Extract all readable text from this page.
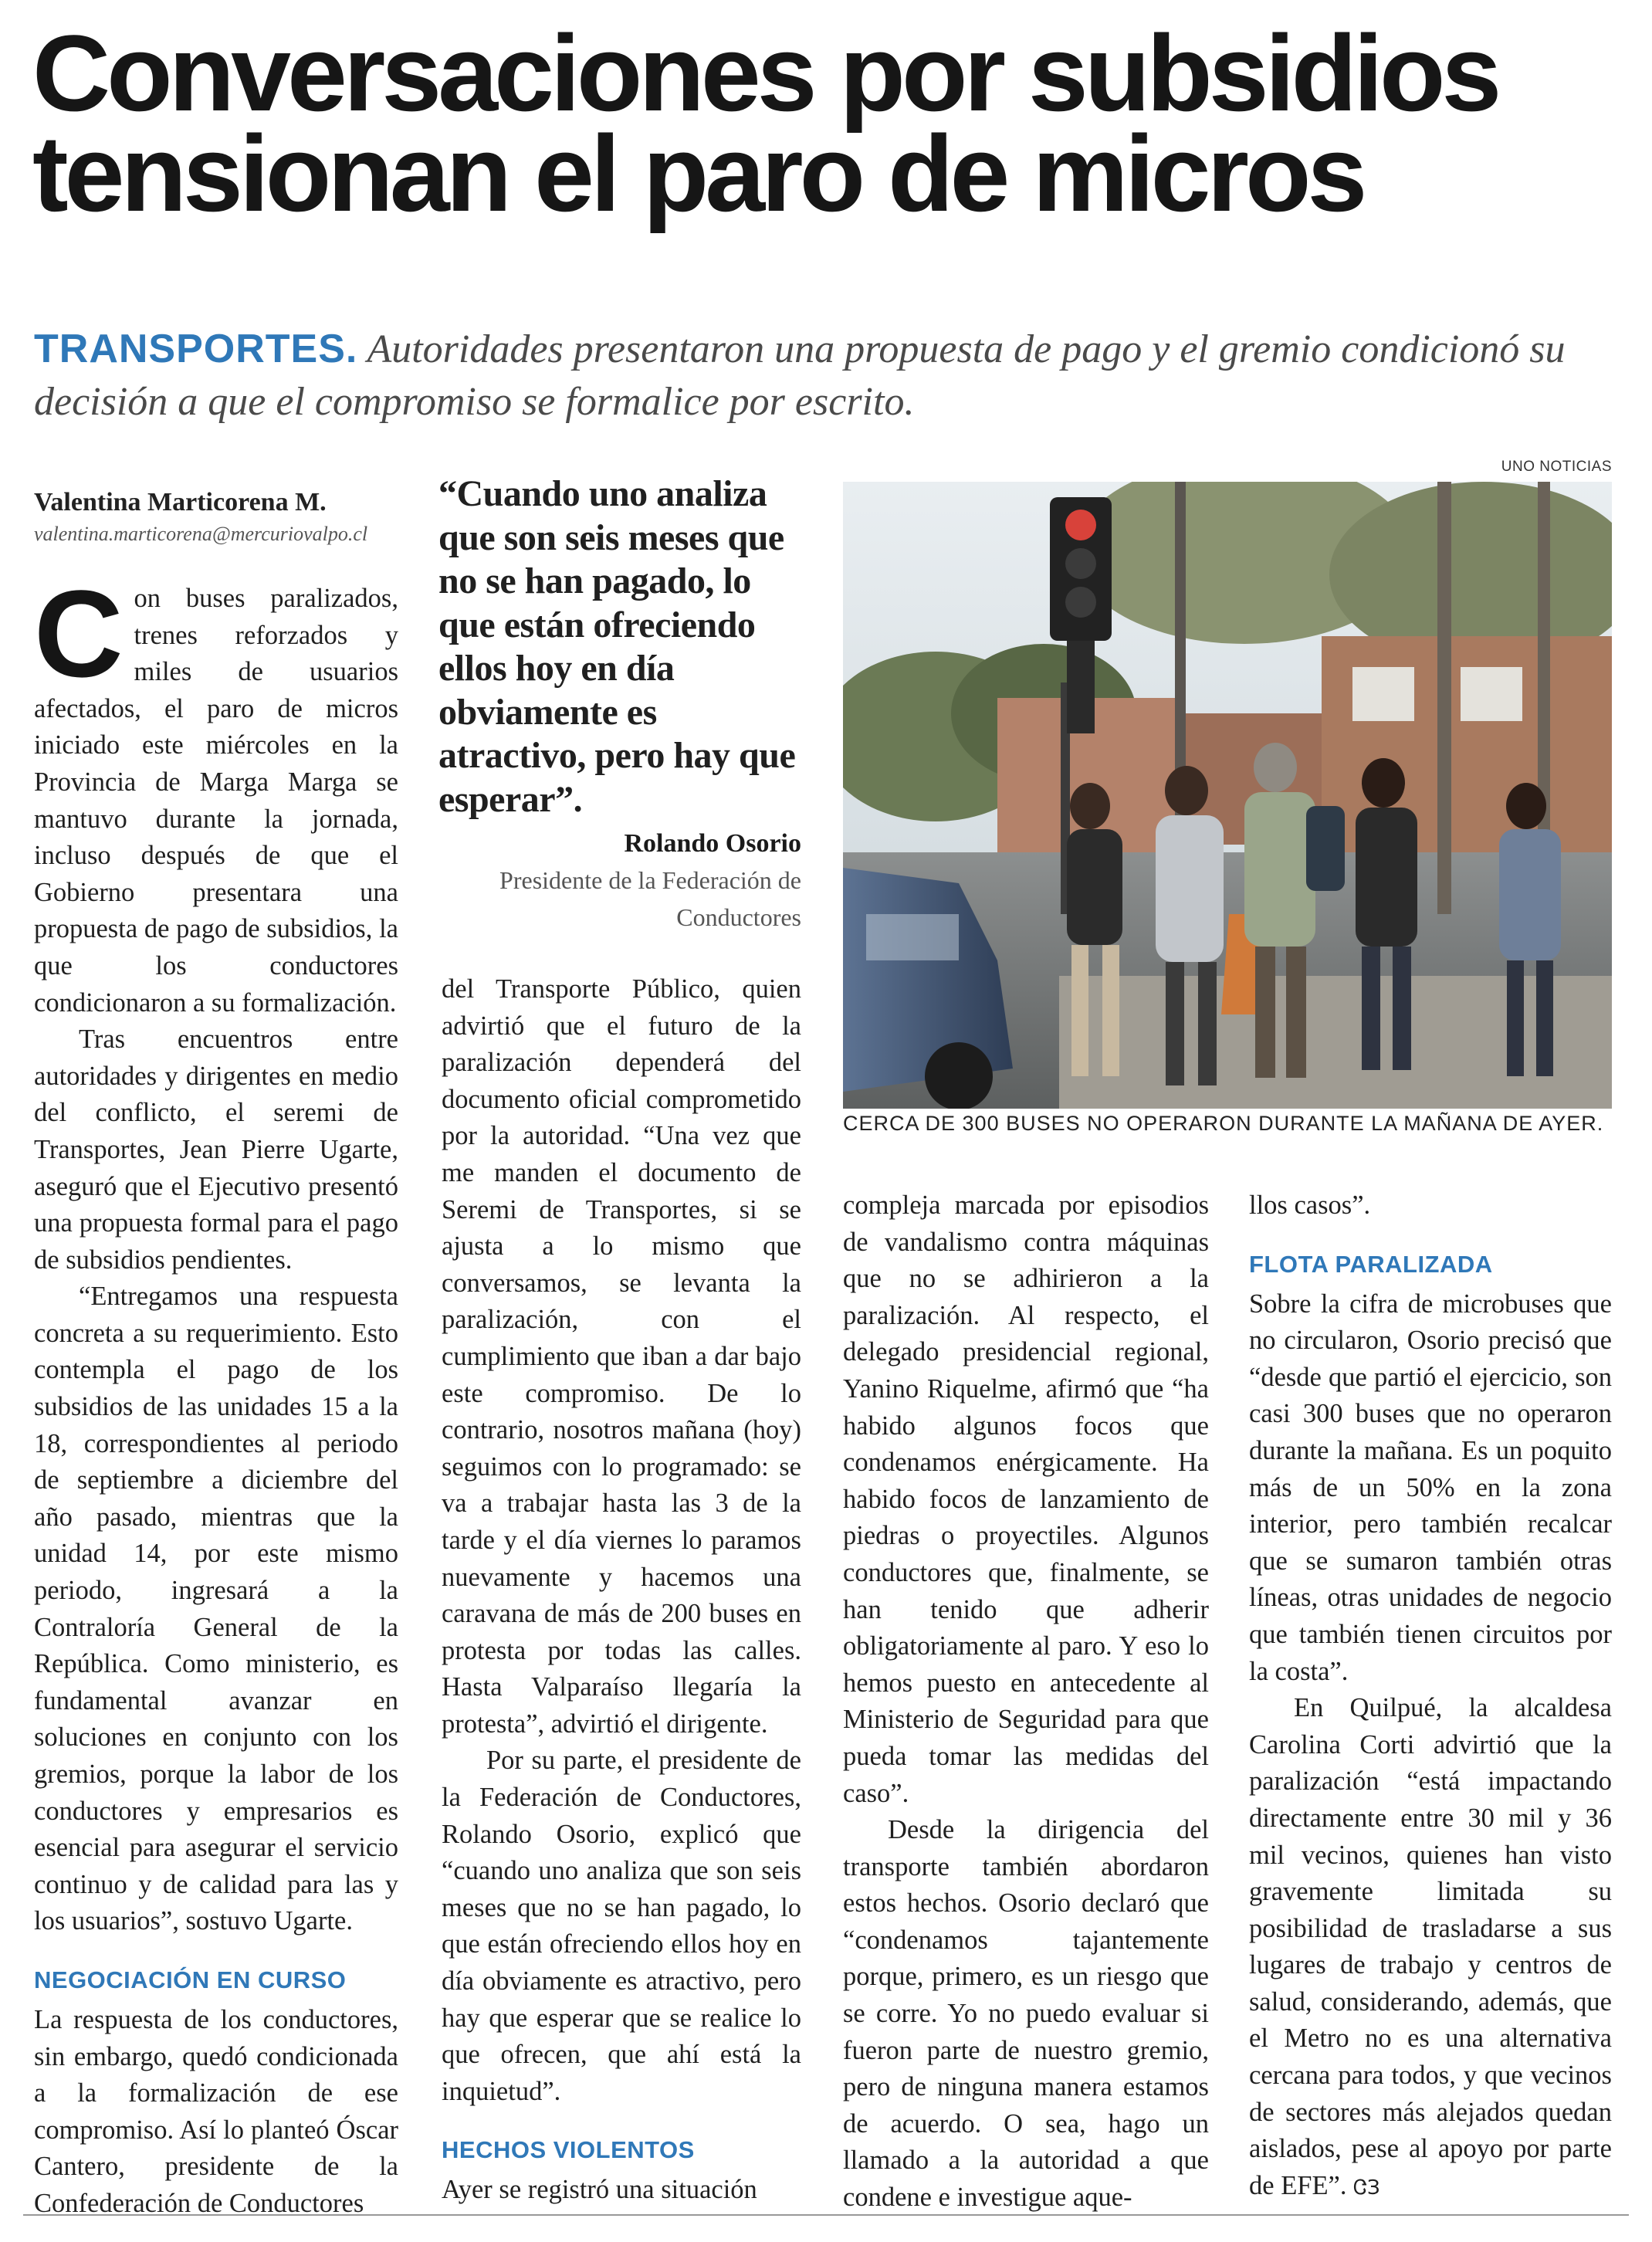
Conversaciones por subsidios
tensionan el paro de micros
TRANSPORTES. Autoridades presentaron una propuesta de pago y el gremio condicionó su decisión a que el compromiso se formalice por escrito.
Valentina Marticorena M.
valentina.marticorena@mercuriovalpo.cl

Con buses paralizados, trenes reforzados y miles de usuarios afectados, el paro de micros iniciado este miércoles en la Provincia de Marga Marga se mantuvo durante la jornada, incluso después de que el Gobierno presentara una propuesta de pago de subsidios, la que los conductores condicionaron a su formalización.

Tras encuentros entre autoridades y dirigentes en medio del conflicto, el seremi de Transportes, Jean Pierre Ugarte, aseguró que el Ejecutivo presentó una propuesta formal para el pago de subsidios pendientes.

“Entregamos una respuesta concreta a su requerimiento. Esto contempla el pago de los subsidios de las unidades 15 a la 18, correspondientes al periodo de septiembre a diciembre del año pasado, mientras que la unidad 14, por este mismo periodo, ingresará a la Contraloría General de la República. Como ministerio, es fundamental avanzar en soluciones en conjunto con los gremios, porque la labor de los conductores y empresarios es esencial para asegurar el servicio continuo y de calidad para las y los usuarios”, sostuvo Ugarte.

NEGOCIACIÓN EN CURSO

La respuesta de los conductores, sin embargo, quedó condicionada a la formalización de ese compromiso. Así lo planteó Óscar Cantero, presidente de la Confederación de Conductores

“Cuando uno analiza que son seis meses que no se han pagado, lo que están ofreciendo ellos hoy en día obviamente es atractivo, pero hay que esperar”.
Rolando Osorio
Presidente de la Federación de Conductores

del Transporte Público, quien advirtió que el futuro de la paralización dependerá del documento oficial comprometido por la autoridad. “Una vez que me manden el documento de Seremi de Transportes, si se ajusta a lo mismo que conversamos, se levanta la paralización, con el cumplimiento que iban a dar bajo este compromiso. De lo contrario, nosotros mañana (hoy) seguimos con lo programado: se va a trabajar hasta las 3 de la tarde y el día viernes lo paramos nuevamente y hacemos una caravana de más de 200 buses en protesta por todas las calles. Hasta Valparaíso llegaría la protesta”, advirtió el dirigente.

Por su parte, el presidente de la Federación de Conductores, Rolando Osorio, explicó que “cuando uno analiza que son seis meses que no se han pagado, lo que están ofreciendo ellos hoy en día obviamente es atractivo, pero hay que esperar que se realice lo que ofrecen, que ahí está la inquietud”.

HECHOS VIOLENTOS

Ayer se registró una situación

UNO NOTICIAS
CERCA DE 300 BUSES NO OPERARON DURANTE LA MAÑANA DE AYER.

compleja marcada por episodios de vandalismo contra máquinas que no se adhirieron a la paralización. Al respecto, el delegado presidencial regional, Yanino Riquelme, afirmó que “ha habido algunos focos que condenamos enérgicamente. Ha habido focos de lanzamiento de piedras o proyectiles. Algunos conductores que, finalmente, se han tenido que adherir obligatoriamente al paro. Y eso lo hemos puesto en antecedente al Ministerio de Seguridad para que pueda tomar las medidas del caso”.

Desde la dirigencia del transporte también abordaron estos hechos. Osorio declaró que “condenamos tajantemente porque, primero, es un riesgo que se corre. Yo no puedo evaluar si fueron parte de nuestro gremio, pero de ninguna manera estamos de acuerdo. O sea, hago un llamado a la autoridad a que condene e investigue aque-

llos casos”.

FLOTA PARALIZADA

Sobre la cifra de microbuses que no circularon, Osorio precisó que “desde que partió el ejercicio, son casi 300 buses que no operaron durante la mañana. Es un poquito más de un 50% en la zona interior, pero también recalcar que se sumaron también otras líneas, otras unidades de negocio que también tienen circuitos por la costa”.

En Quilpué, la alcaldesa Carolina Corti advirtió que la paralización “está impactando directamente entre 30 mil y 36 mil vecinos, quienes han visto gravemente limitada su posibilidad de trasladarse a sus lugares de trabajo y centros de salud, considerando, además, que el Metro no es una alternativa cercana para todos, y que vecinos de sectores más alejados quedan aislados, pese al apoyo por parte de EFE”. ᏣЗ
